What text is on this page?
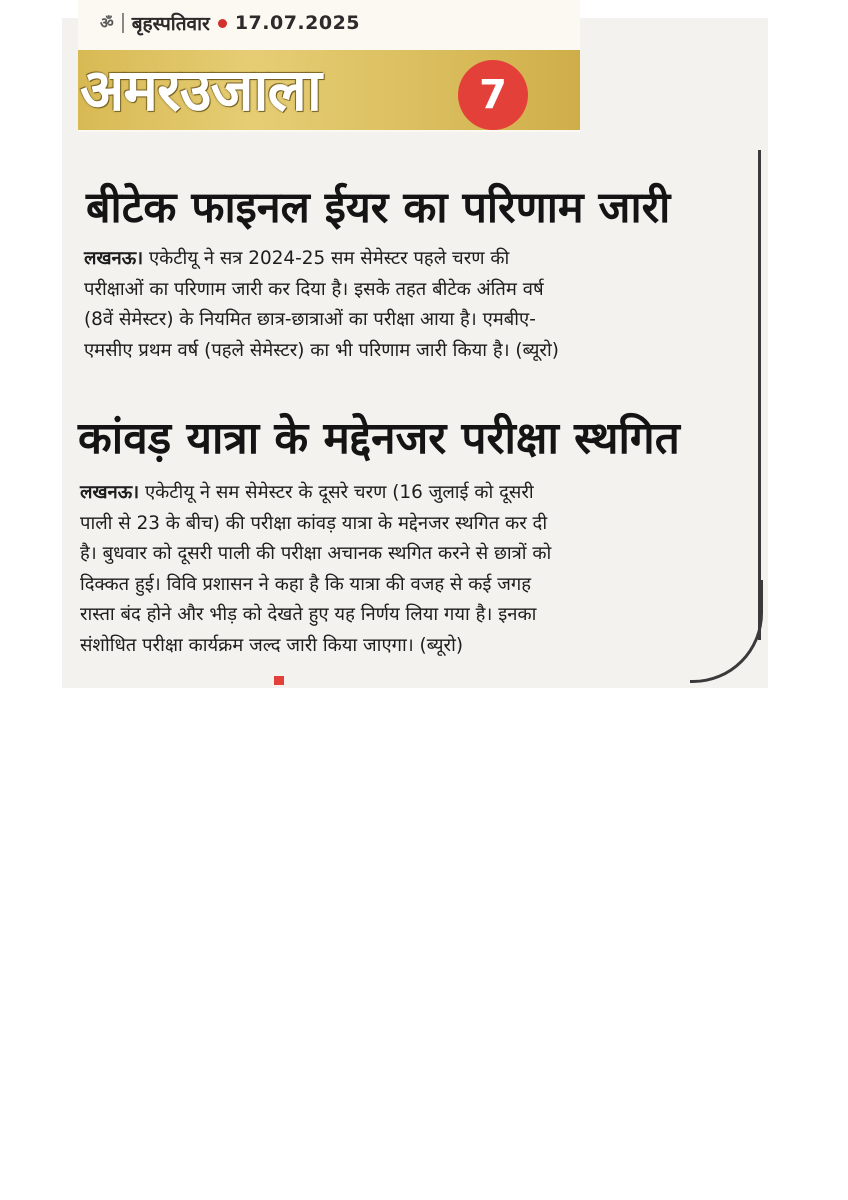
ॐ बृहस्पतिवार 17.07.2025
अमरउजाला	7
बीटेक फाइनल ईयर का परिणाम जारी

लखनऊ। एकेटीयू ने सत्र 2024-25 सम सेमेस्टर पहले चरण की
परीक्षाओं का परिणाम जारी कर दिया है। इसके तहत बीटेक अंतिम वर्ष
(8वें सेमेस्टर) के नियमित छात्र-छात्राओं का परीक्षा आया है। एमबीए-
एमसीए प्रथम वर्ष (पहले सेमेस्टर) का भी परिणाम जारी किया है। (ब्यूरो)

कांवड़ यात्रा के मद्देनजर परीक्षा स्थगित

लखनऊ। एकेटीयू ने सम सेमेस्टर के दूसरे चरण (16 जुलाई को दूसरी
पाली से 23 के बीच) की परीक्षा कांवड़ यात्रा के मद्देनजर स्थगित कर दी
है। बुधवार को दूसरी पाली की परीक्षा अचानक स्थगित करने से छात्रों को
दिक्कत हुई। विवि प्रशासन ने कहा है कि यात्रा की वजह से कई जगह
रास्ता बंद होने और भीड़ को देखते हुए यह निर्णय लिया गया है। इनका
संशोधित परीक्षा कार्यक्रम जल्द जारी किया जाएगा। (ब्यूरो)
